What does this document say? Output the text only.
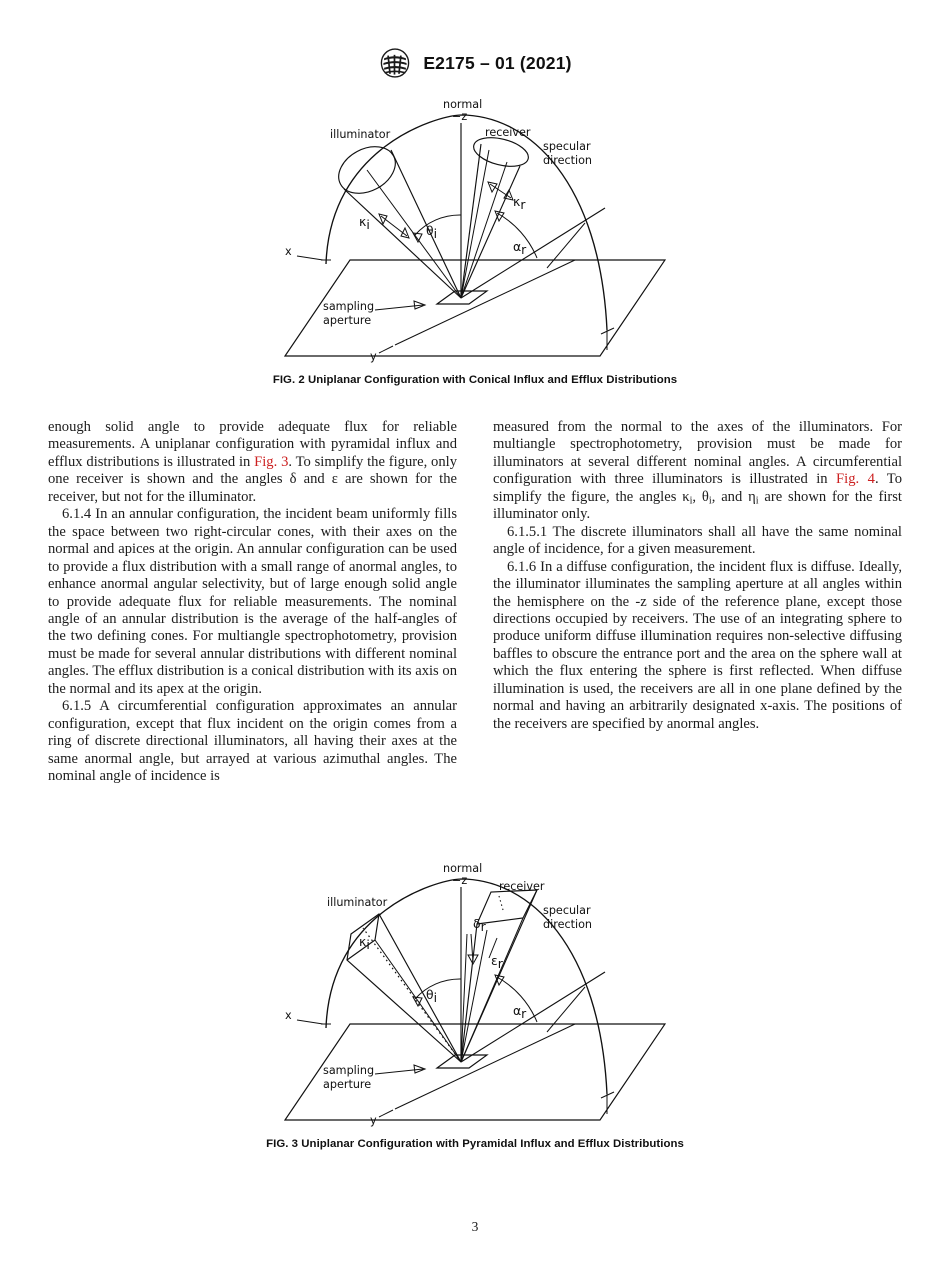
E2175 – 01 (2021)
x
y
normal
−z
illuminator
κi	θi
receiver
κr
specular
direction
αr
sampling
aperture
FIG. 2 Uniplanar Configuration with Conical Influx and Efflux Distributions

enough solid angle to provide adequate flux for reliable measurements. A uniplanar configuration with pyramidal influx and efflux distributions is illustrated in Fig. 3. To simplify the figure, only one receiver is shown and the angles δ and ε are shown for the receiver, but not for the illuminator.

6.1.4 In an annular configuration, the incident beam uniformly fills the space between two right-circular cones, with their axes on the normal and apices at the origin. An annular configuration can be used to provide a flux distribution with a small range of anormal angles, to enhance anormal angular selectivity, but of large enough solid angle to provide adequate flux for reliable measurements. The nominal angle of an annular distribution is the average of the half-angles of the two defining cones. For multiangle spectrophotometry, provision must be made for several annular distributions with different nominal angles. The efflux distribution is a conical distribution with its axis on the normal and its apex at the origin.

6.1.5 A circumferential configuration approximates an annular configuration, except that flux incident on the origin comes from a ring of discrete directional illuminators, all having their axes at the same anormal angle, but arrayed at various azimuthal angles. The nominal angle of incidence is

measured from the normal to the axes of the illuminators. For multiangle spectrophotometry, provision must be made for illuminators at several different nominal angles. A circumferential configuration with three illuminators is illustrated in Fig. 4. To simplify the figure, the angles $\kappa_i$, $\theta_i$, and $\eta_i$ are shown for the first illuminator only.

6.1.5.1 The discrete illuminators shall all have the same nominal angle of incidence, for a given measurement.

6.1.6 In a diffuse configuration, the incident flux is diffuse. Ideally, the illuminator illuminates the sampling aperture at all angles within the hemisphere on the -z side of the reference plane, except those directions occupied by receivers. The use of an integrating sphere to produce uniform diffuse illumination requires non-selective diffusing baffles to obscure the entrance port and the area on the sphere wall at which the flux entering the sphere is first reflected. When diffuse illumination is used, the receivers are all in one plane defined by the normal and having an arbitrarily designated x-axis. The positions of the receivers are specified by anormal angles.

x
y
normal
−z
illuminator
κi
θi
receiver
δr
εr
specular
direction
αr
sampling
aperture
FIG. 3 Uniplanar Configuration with Pyramidal Influx and Efflux Distributions
3
